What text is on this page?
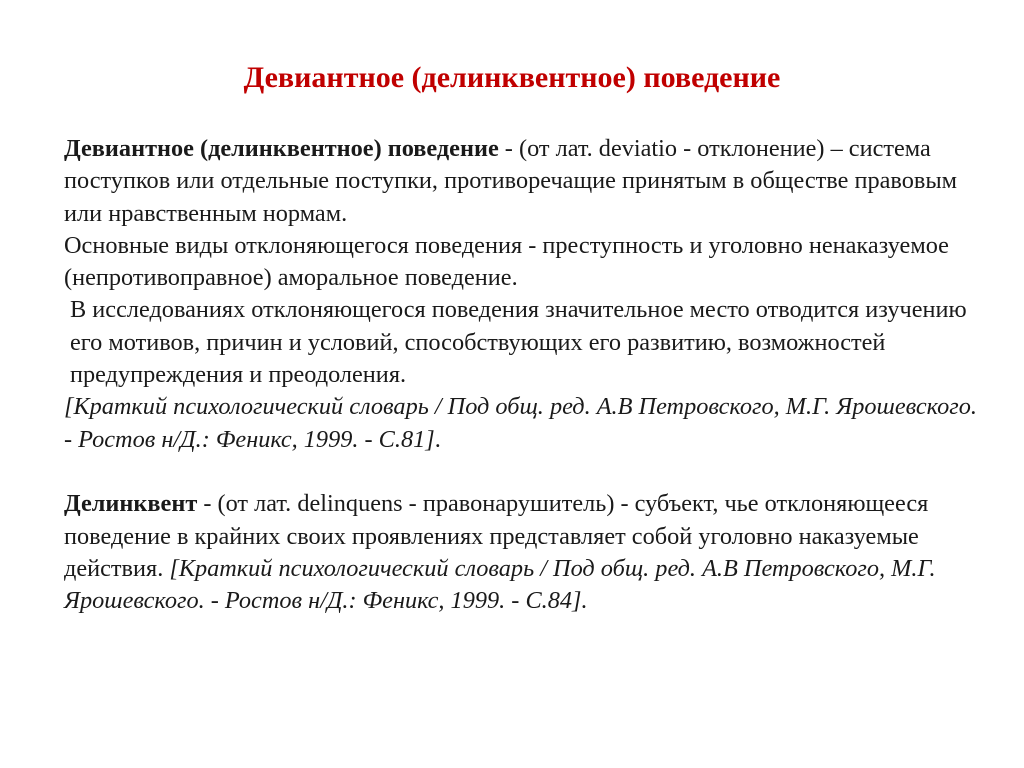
Девиантное (делинквентное) поведение

Девиантное (делинквентное) поведение - (от лат. deviatio - отклонение) – система поступков или отдельные поступки, противоречащие принятым в обществе правовым или нравственным нормам.

Основные виды отклоняющегося поведения - преступность и уголовно ненаказуемое (непротивоправное) аморальное поведение.

В исследованиях отклоняющегося поведения значительное место отводится изучению его мотивов, причин и условий, способствующих его развитию, возможностей предупреждения и преодоления.

[Краткий психологический словарь / Под общ. ред. А.В Петровского, М.Г. Ярошевского. - Ростов н/Д.: Феникс, 1999. - С.81].

Делинквент - (от лат. delinquens - правонарушитель) - субъект, чье отклоняющееся поведение в крайних своих проявлениях представляет собой уголовно наказуемые действия. [Краткий психологический словарь / Под общ. ред. А.В Петровского, М.Г. Ярошевского. - Ростов н/Д.: Феникс, 1999. - С.84].
